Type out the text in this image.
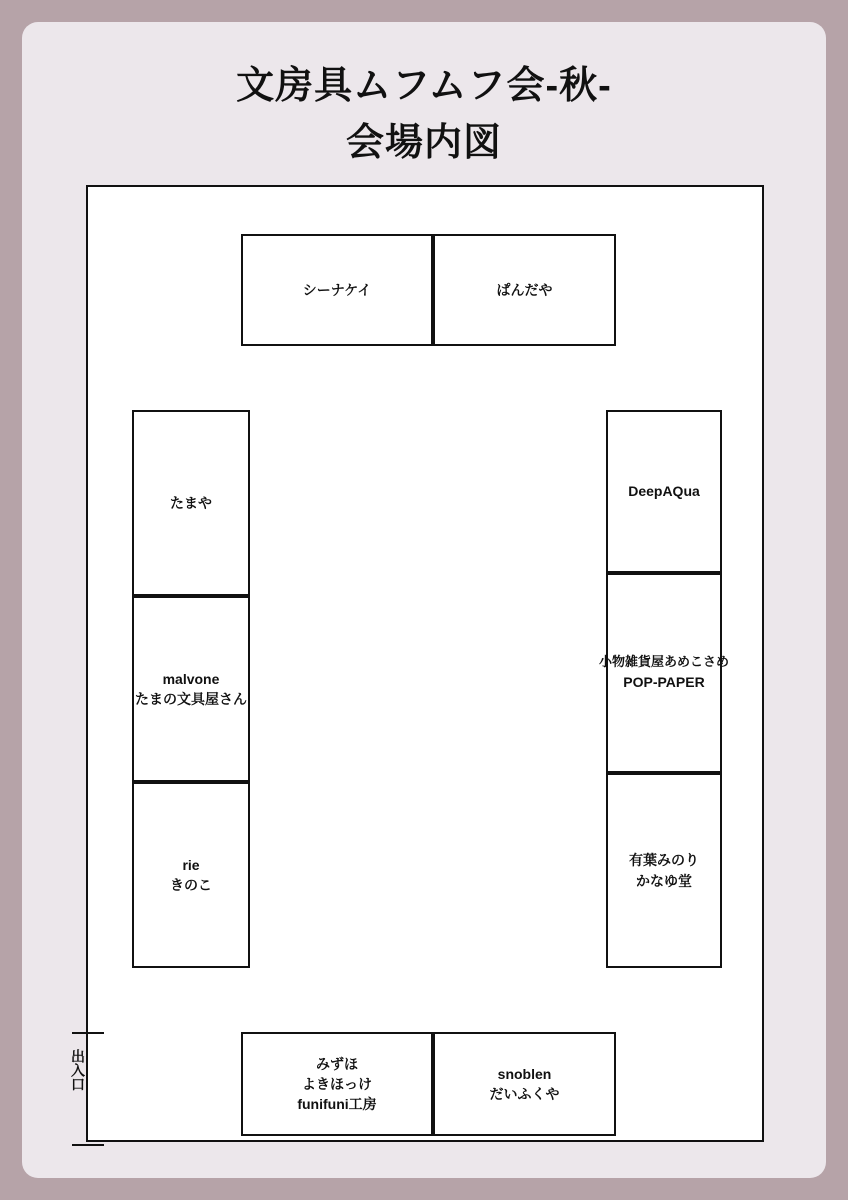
文房具ムフムフ会-秋-
会場内図
シーナケイ	ぱんだや
たまや
malvone
たまの文具屋さん
rie
きのこ
DeepAQua
小物雑貨屋あめこさめ
POP-PAPER
有葉みのり
かなゆ堂
みずほ
よきほっけ
funifuni工房
snoblen
だいふくや
出入口
